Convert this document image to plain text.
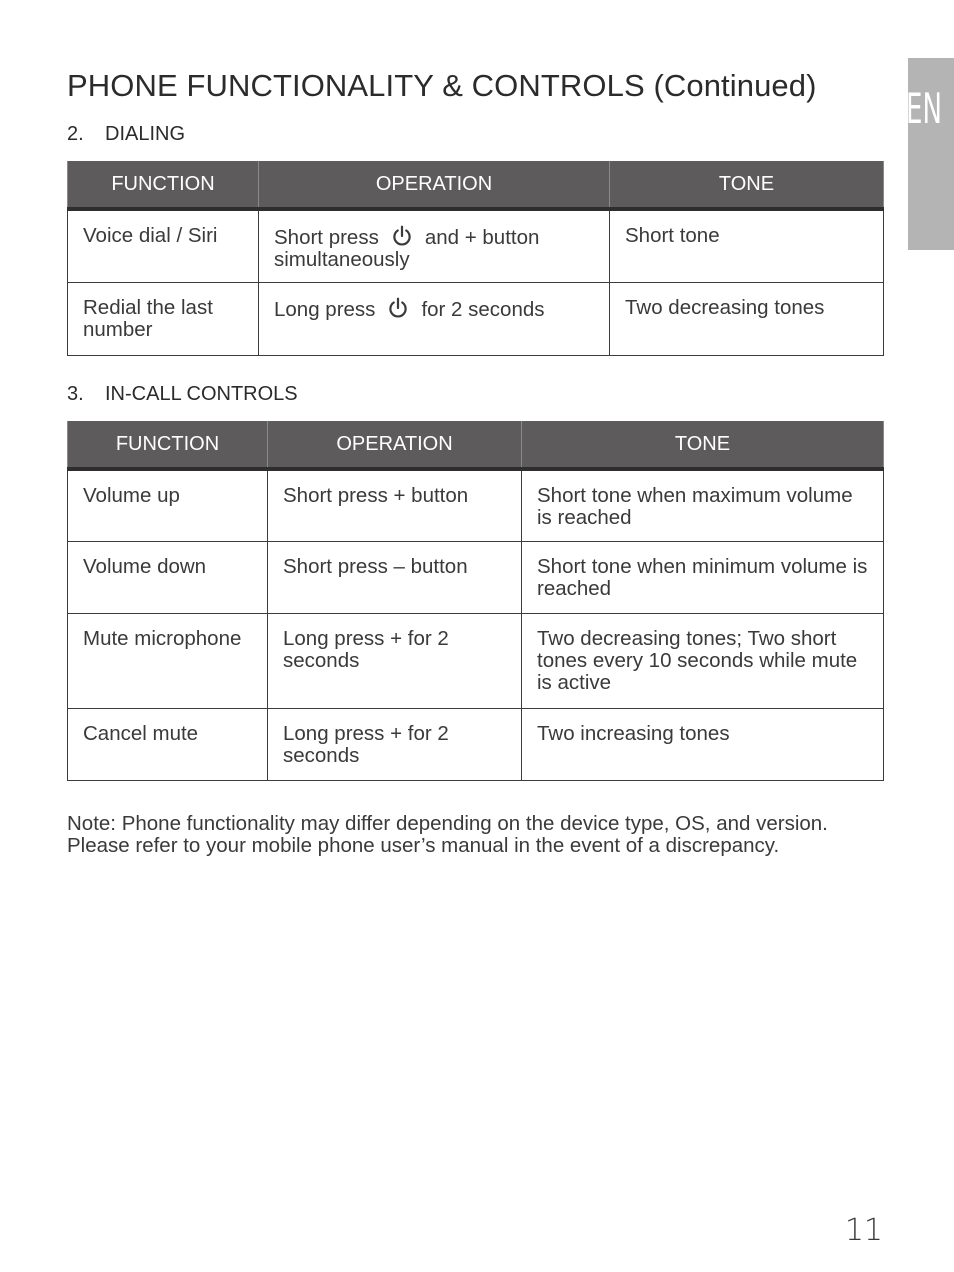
PHONE FUNCTIONALITY & CONTROLS (Continued) EN
2. DIALING
FUNCTION	OPERATION	TONE
Voice dial / Siri	Short press and + button simultaneously	Short tone
Redial the last number	Long press for 2 seconds	Two decreasing tones
3. IN-CALL CONTROLS
FUNCTION	OPERATION	TONE
Volume up	Short press + button	Short tone when maximum volume is reached
Volume down	Short press – button	Short tone when minimum volume is reached
Mute microphone	Long press + for 2 seconds	Two decreasing tones; Two short tones every 10 seconds while mute is active
Cancel mute	Long press + for 2 seconds	Two increasing tones

Note: Phone functionality may differ depending on the device type, OS, and version. Please refer to your mobile phone user’s manual in the event of a discrepancy.

11
